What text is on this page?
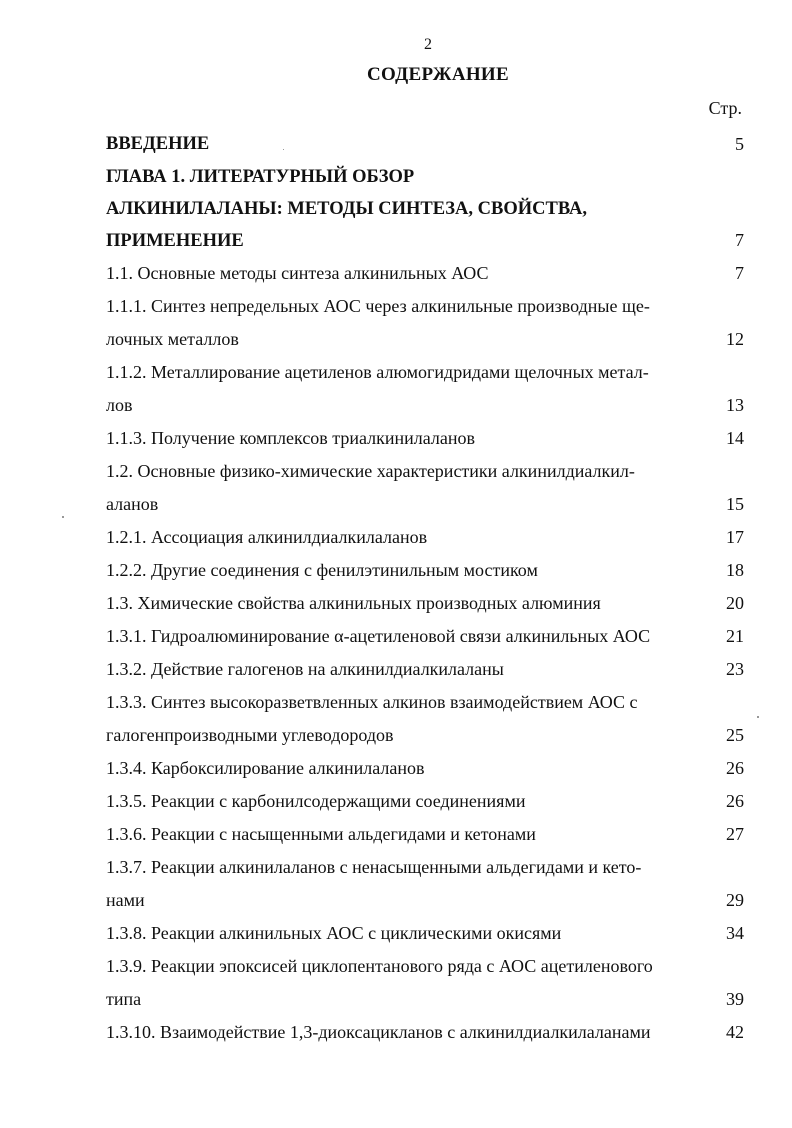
2
СОДЕРЖАНИЕ
Стр.
ВВЕДЕНИЕ	5
ГЛАВА 1. ЛИТЕРАТУРНЫЙ ОБЗОР
АЛКИНИЛАЛАНЫ: МЕТОДЫ СИНТЕЗА, СВОЙСТВА,
ПРИМЕНЕНИЕ	7
1.1. Основные методы синтеза алкинильных АОС	7
1.1.1. Синтез непредельных АОС через алкинильные производные ще-
лочных металлов	12
1.1.2. Металлирование ацетиленов алюмогидридами щелочных метал-
лов	13
1.1.3. Получение комплексов триалкинилаланов	14
1.2. Основные физико-химические характеристики алкинилдиалкил-
аланов	15
1.2.1. Ассоциация алкинилдиалкилаланов	17
1.2.2. Другие соединения с фенилэтинильным мостиком	18
1.3. Химические свойства алкинильных производных алюминия	20
1.3.1. Гидроалюминирование α-ацетиленовой связи алкинильных АОС	21
1.3.2. Действие галогенов на алкинилдиалкилаланы	23
1.3.3. Синтез высокоразветвленных алкинов взаимодействием АОС с
галогенпроизводными углеводородов	25
1.3.4. Карбоксилирование алкинилаланов	26
1.3.5. Реакции с карбонилсодержащими соединениями	26
1.3.6. Реакции с насыщенными альдегидами и кетонами	27
1.3.7. Реакции алкинилаланов с ненасыщенными альдегидами и кето-
нами	29
1.3.8. Реакции алкинильных АОС с циклическими окисями	34
1.3.9. Реакции эпоксисей циклопентанового ряда с АОС ацетиленового
типа	39
1.3.10. Взаимодействие 1,3-диоксацикланов с алкинилдиалкилаланами	42
